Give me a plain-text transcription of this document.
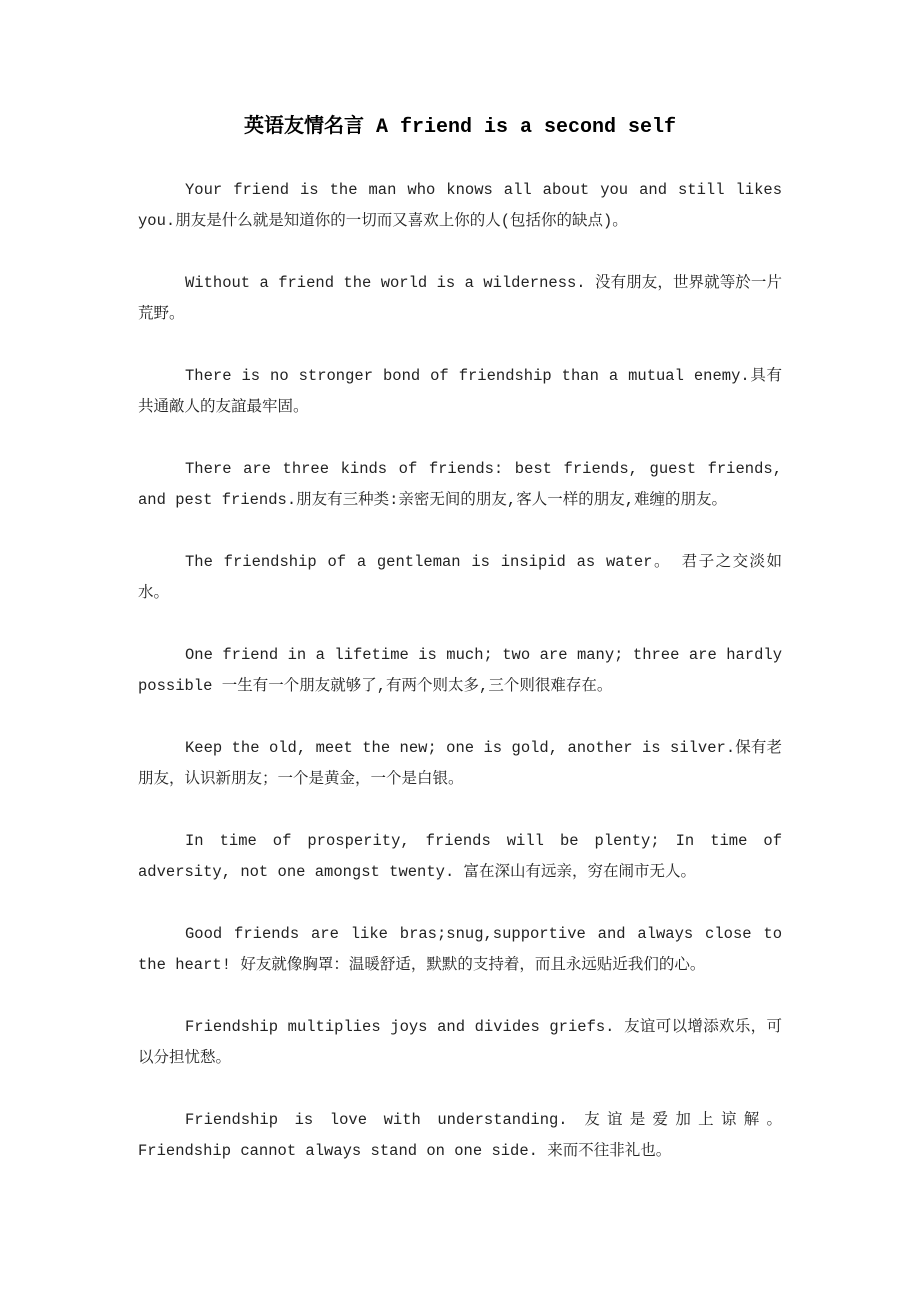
英语友情名言 A friend is a second self

Your friend is the man who knows all about you and still likes you.朋友是什么就是知道你的一切而又喜欢上你的人(包括你的缺点)。

Without a friend the world is a wilderness. 没有朋友，世界就等於一片荒野。

There is no stronger bond of friendship than a mutual enemy.具有共通敵人的友誼最牢固。

There are three kinds of friends: best friends, guest friends, and pest friends.朋友有三种类:亲密无间的朋友,客人一样的朋友,难缠的朋友。

The friendship of a gentleman is insipid as water。 君子之交淡如水。

One friend in a lifetime is much; two are many; three are hardly possible 一生有一个朋友就够了,有两个则太多,三个则很难存在。

Keep the old, meet the new; one is gold, another is silver.保有老朋友，认识新朋友；一个是黄金，一个是白银。

In time of prosperity, friends will be plenty; In time of adversity, not one amongst twenty. 富在深山有远亲，穷在闹市无人。

Good friends are like bras;snug,supportive and always close to the heart! 好友就像胸罩：温暖舒适，默默的支持着，而且永远贴近我们的心。

Friendship multiplies joys and divides griefs. 友谊可以增添欢乐，可以分担忧愁。

Friendship is love with understanding. 友谊是爱加上谅解。 Friendship cannot always stand on one side. 来而不往非礼也。
